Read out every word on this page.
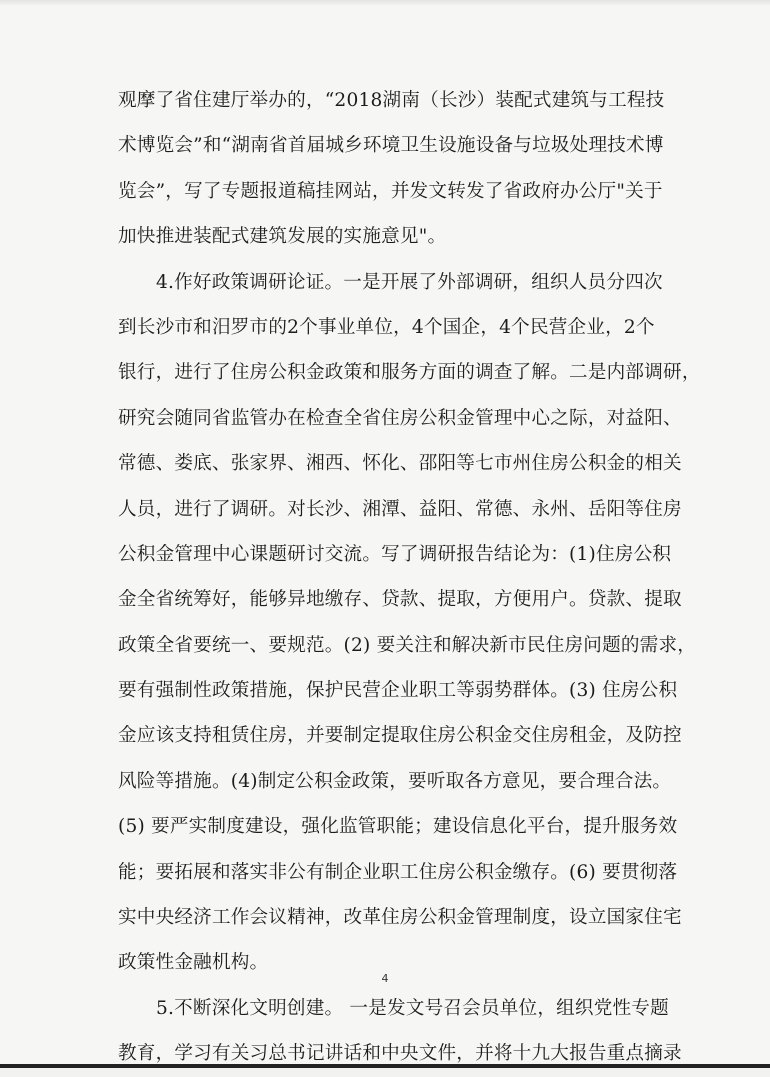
观摩了省住建厅举办的，“2018湖南（长沙）装配式建筑与工程技
术博览会”和“湖南省首届城乡环境卫生设施设备与垃圾处理技术博
览会”，写了专题报道稿挂网站，并发文转发了省政府办公厅"关于
加快推进装配式建筑发展的实施意见"。
4.作好政策调研论证。一是开展了外部调研，组织人员分四次
到长沙市和汨罗市的2个事业单位，4个国企，4个民营企业，2个
银行，进行了住房公积金政策和服务方面的调查了解。二是内部调研，
研究会随同省监管办在检查全省住房公积金管理中心之际，对益阳、
常德、娄底、张家界、湘西、怀化、邵阳等七市州住房公积金的相关
人员，进行了调研。对长沙、湘潭、益阳、常德、永州、岳阳等住房
公积金管理中心课题研讨交流。写了调研报告结论为：(1)住房公积
金全省统筹好，能够异地缴存、贷款、提取，方便用户。贷款、提取
政策全省要统一、要规范。(2) 要关注和解决新市民住房问题的需求，
要有强制性政策措施，保护民营企业职工等弱势群体。(3) 住房公积
金应该支持租赁住房，并要制定提取住房公积金交住房租金，及防控
风险等措施。(4)制定公积金政策，要听取各方意见，要合理合法。
(5) 要严实制度建设，强化监管职能；建设信息化平台，提升服务效
能；要拓展和落实非公有制企业职工住房公积金缴存。(6) 要贯彻落
实中央经济工作会议精神，改革住房公积金管理制度，设立国家住宅
政策性金融机构。
5.不断深化文明创建。 一是发文号召会员单位，组织党性专题
教育，学习有关习总书记讲话和中央文件，并将十九大报告重点摘录
4
